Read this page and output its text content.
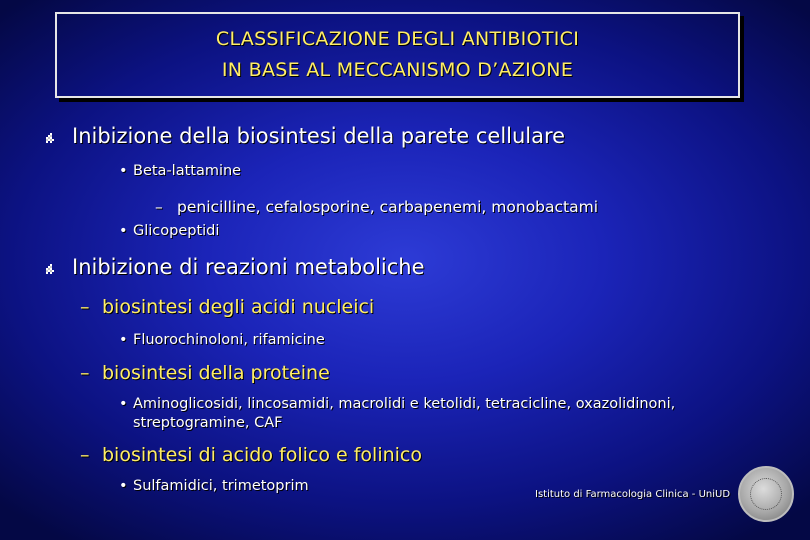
CLASSIFICAZIONE DEGLI ANTIBIOTICI
IN BASE AL MECCANISMO D’AZIONE
Inibizione della biosintesi della parete cellulare
• Beta-lattamine
– penicilline, cefalosporine, carbapenemi, monobactami
• Glicopeptidi
Inibizione di reazioni metaboliche
– biosintesi degli acidi nucleici
• Fluorochinoloni, rifamicine
– biosintesi della proteine
• Aminoglicosidi, lincosamidi, macrolidi e ketolidi, tetracicline, oxazolidinoni,
streptogramine, CAF
– biosintesi di acido folico e folinico
• Sulfamidici, trimetoprim
Istituto di Farmacologia Clinica - UniUD
